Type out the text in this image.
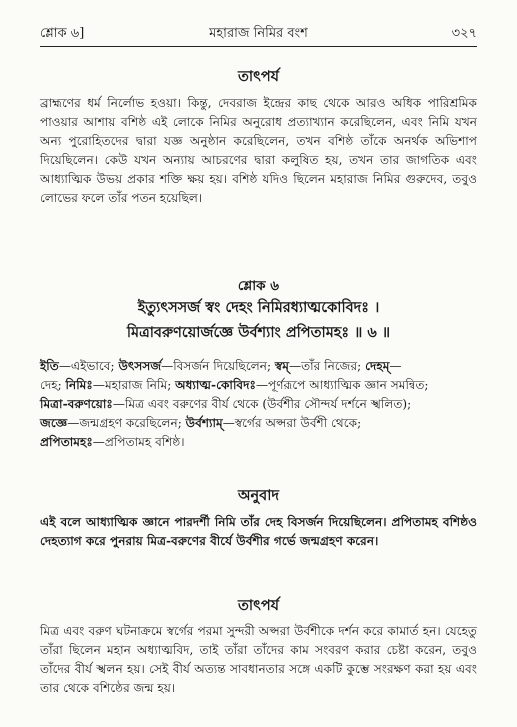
শ্লোক ৬]	মহারাজ নিমির বংশ	৩২৭
তাৎপর্য
ব্রাহ্মণের ধর্ম নির্লোভ হওয়া। কিন্তু, দেবরাজ ইন্দ্রের কাছ থেকে আরও অধিক পারিশ্রমিক পাওয়ার আশায় বশিষ্ঠ এই লোকে নিমির অনুরোধ প্রত্যাখ্যান করেছিলেন, এবং নিমি যখন অন্য পুরোহিতদের দ্বারা যজ্ঞ অনুষ্ঠান করেছিলেন, তখন বশিষ্ঠ তাঁকে অনর্থক অভিশাপ দিয়েছিলেন। কেউ যখন অন্যায় আচরণের দ্বারা কলুষিত হয়, তখন তার জাগতিক এবং আধ্যাত্মিক উভয় প্রকার শক্তি ক্ষয় হয়। বশিষ্ঠ যদিও ছিলেন মহারাজ নিমির গুরুদেব, তবুও লোভের ফলে তাঁর পতন হয়েছিল।
শ্লোক ৬
ইত্যুৎসসর্জ স্বং দেহং নিমিরধ্যাত্মকোবিদঃ ।
মিত্রাবরুণয়োর্জজ্ঞে উর্বশ্যাং প্রপিতামহঃ ॥ ৬ ॥
ইতি—এইভাবে; উৎসসর্জ—বিসর্জন দিয়েছিলেন; স্বম্—তাঁর নিজের; দেহম্—
দেহ; নিমিঃ—মহারাজ নিমি; অধ্যাত্ম-কোবিদঃ—পূর্ণরূপে আধ্যাত্মিক জ্ঞান সমন্বিত;
মিত্রা-বরুণয়োঃ—মিত্র এবং বরুণের বীর্য থেকে (উর্বশীর সৌন্দর্য দর্শনে স্খলিত);
জজ্ঞে—জন্মগ্রহণ করেছিলেন; উর্বশ্যাম্—স্বর্গের অপ্সরা উর্বশী থেকে;
প্রপিতামহঃ—প্রপিতামহ বশিষ্ঠ।
অনুবাদ
এই বলে আধ্যাত্মিক জ্ঞানে পারদর্শী নিমি তাঁর দেহ বিসর্জন দিয়েছিলেন। প্রপিতামহ বশিষ্ঠও দেহত্যাগ করে পুনরায় মিত্র-বরুণের বীর্যে উর্বশীর গর্ভে জন্মগ্রহণ করেন।
তাৎপর্য
মিত্র এবং বরুণ ঘটনাক্রমে স্বর্গের পরমা সুন্দরী অপ্সরা উর্বশীকে দর্শন করে কামার্ত হন। যেহেতু তাঁরা ছিলেন মহান অধ্যাত্মবিদ, তাই তাঁরা তাঁদের কাম সংবরণ করার চেষ্টা করেন, তবুও তাঁদের বীর্য স্খলন হয়। সেই বীর্য অত্যন্ত সাবধানতার সঙ্গে একটি কুম্ভে সংরক্ষণ করা হয় এবং তার থেকে বশিষ্ঠের জন্ম হয়।
